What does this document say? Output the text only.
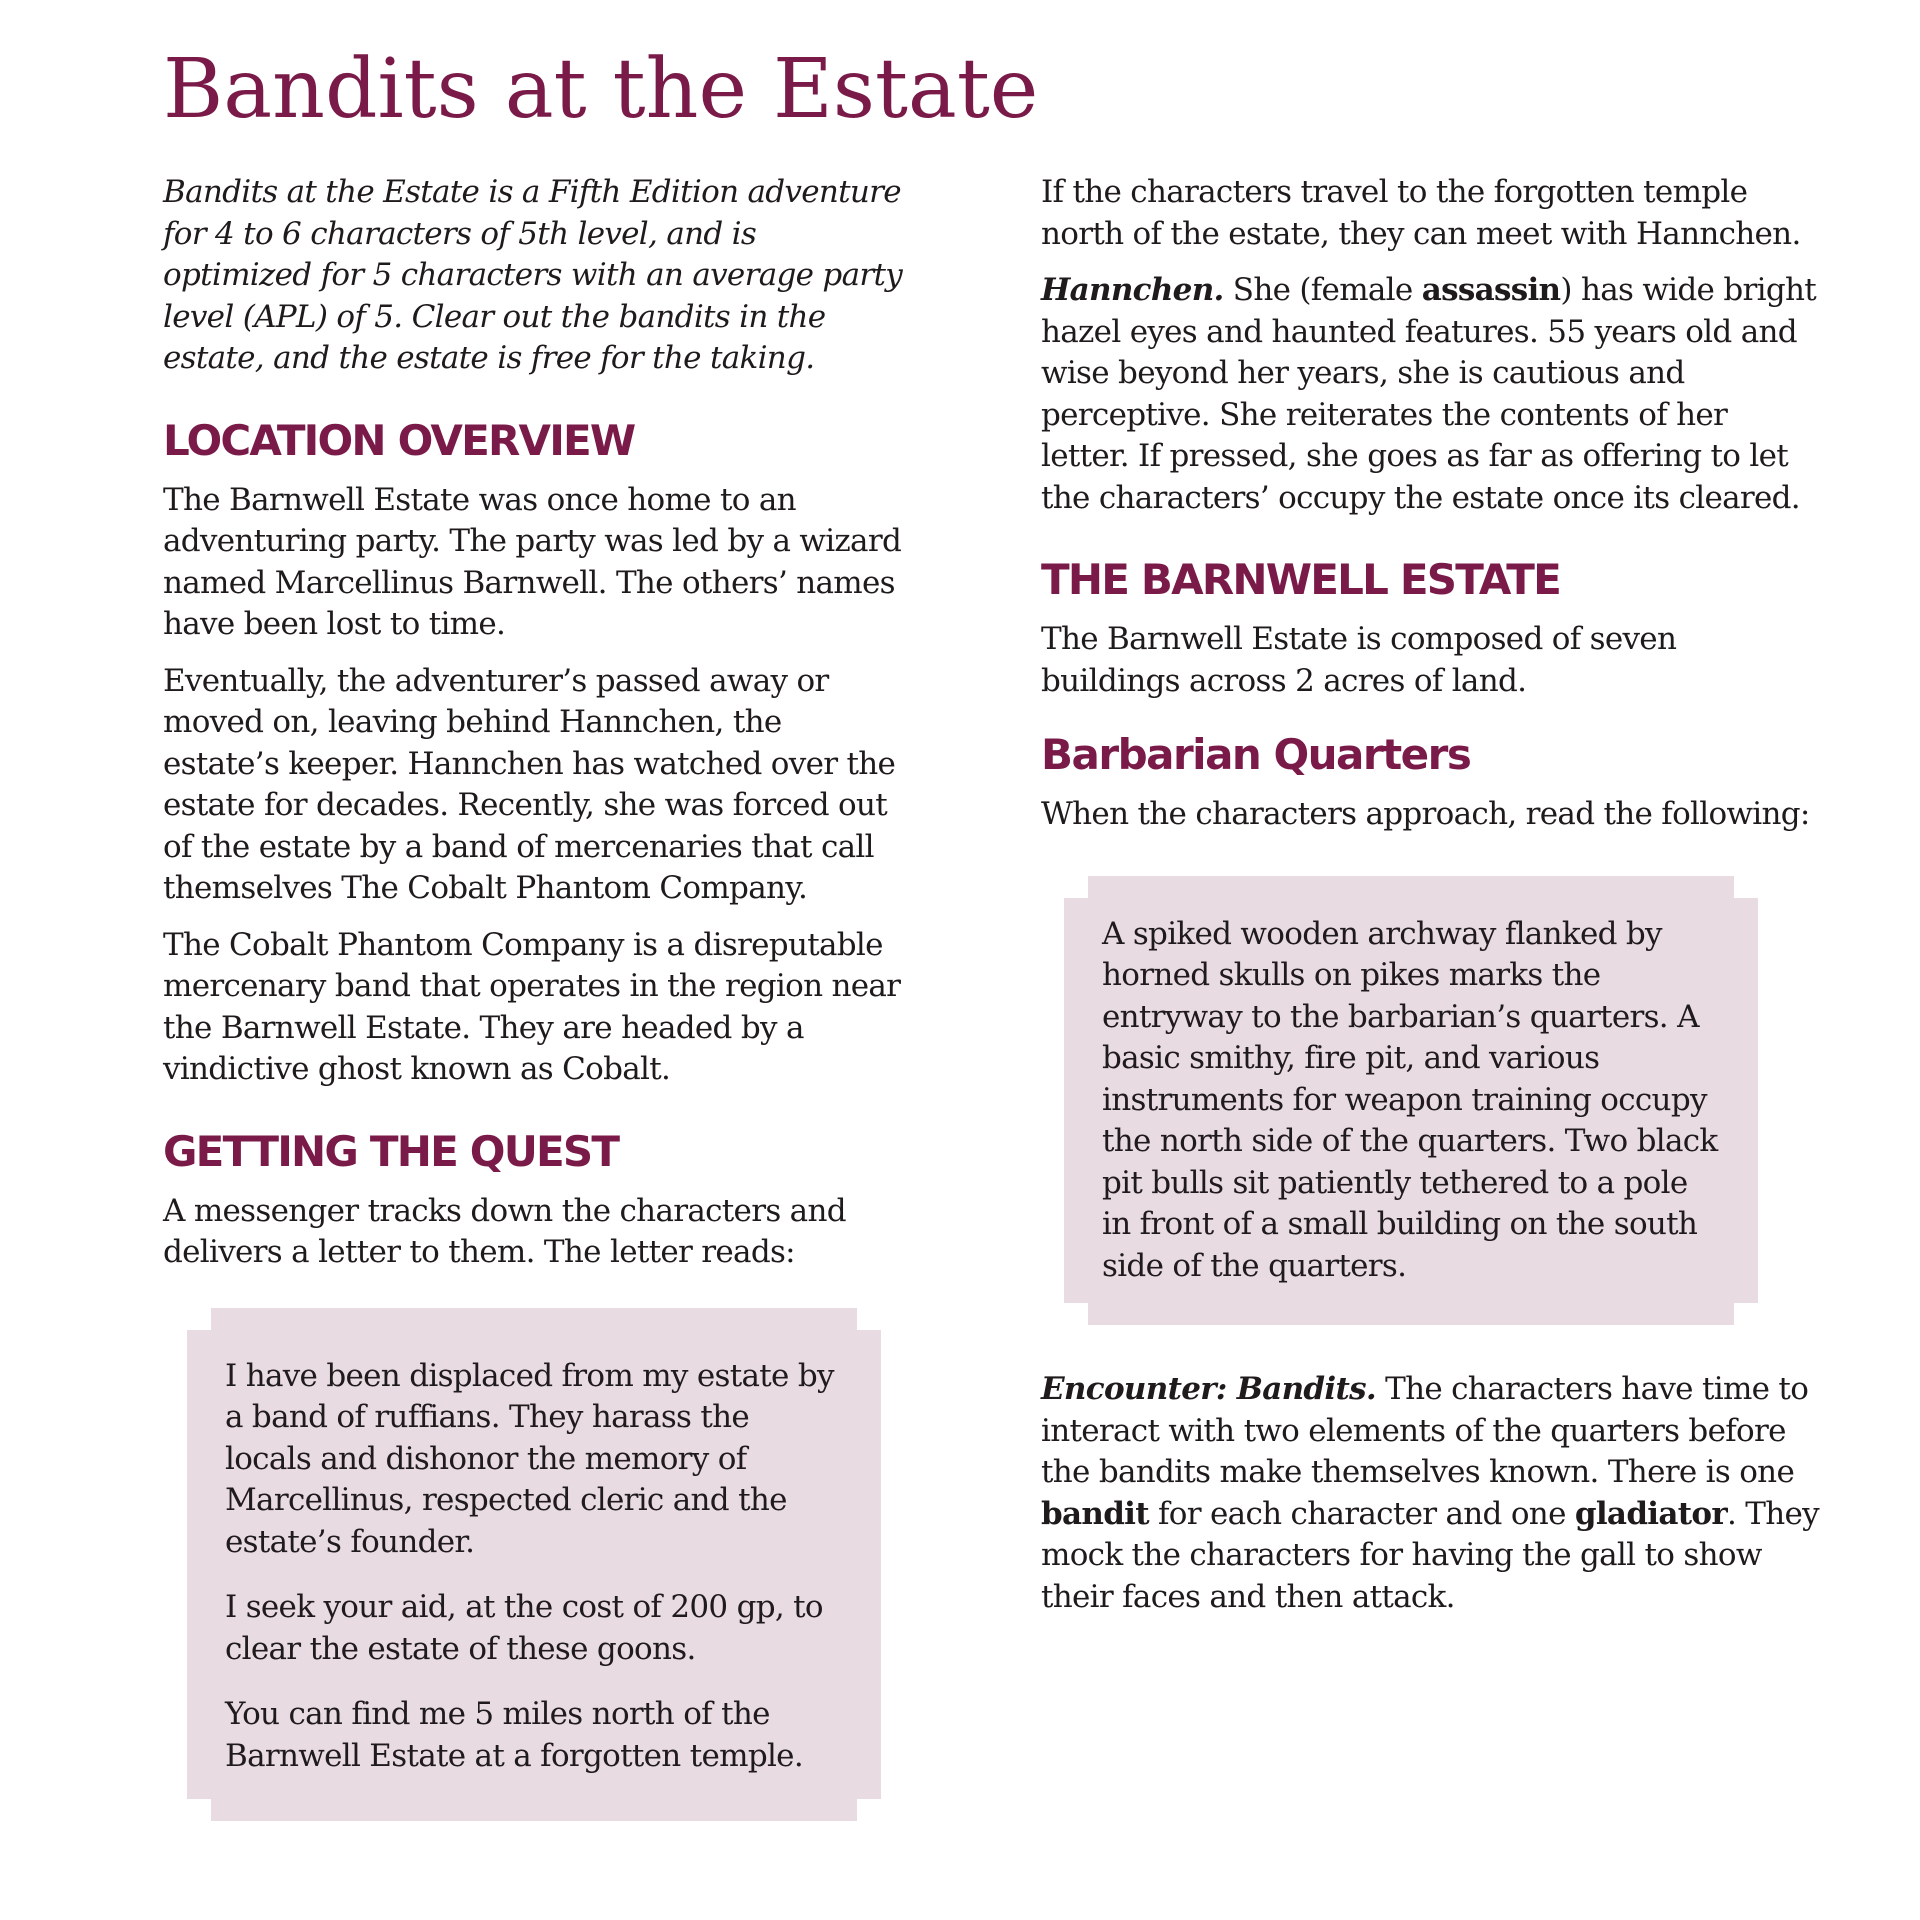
Bandits at the Estate

Bandits at the Estate is a Fifth Edition adventure for 4 to 6 characters of 5th level, and is optimized for 5 characters with an average party level (APL) of 5. Clear out the bandits in the estate, and the estate is free for the taking.

LOCATION OVERVIEW

The Barnwell Estate was once home to an adventuring party. The party was led by a wizard named Marcellinus Barnwell. The others’ names have been lost to time.

Eventually, the adventurer’s passed away or moved on, leaving behind Hannchen, the estate’s keeper. Hannchen has watched over the estate for decades. Recently, she was forced out of the estate by a band of mercenaries that call themselves The Cobalt Phantom Company.

The Cobalt Phantom Company is a disreputable mercenary band that operates in the region near the Barnwell Estate. They are headed by a vindictive ghost known as Cobalt.

GETTING THE QUEST

A messenger tracks down the characters and delivers a letter to them. The letter reads:

I have been displaced from my estate by a band of ruffians. They harass the locals and dishonor the memory of Marcellinus, respected cleric and the estate’s founder.

I seek your aid, at the cost of 200 gp, to clear the estate of these goons.

You can find me 5 miles north of the Barnwell Estate at a forgotten temple.

If the characters travel to the forgotten temple north of the estate, they can meet with Hannchen.

Hannchen. She (female assassin) has wide bright hazel eyes and haunted features. 55 years old and wise beyond her years, she is cautious and perceptive. She reiterates the contents of her letter. If pressed, she goes as far as offering to let the characters’ occupy the estate once its cleared.

THE BARNWELL ESTATE

The Barnwell Estate is composed of seven buildings across 2 acres of land.

Barbarian Quarters

When the characters approach, read the following:

A spiked wooden archway flanked by horned skulls on pikes marks the entryway to the barbarian’s quarters. A basic smithy, fire pit, and various instruments for weapon training occupy the north side of the quarters. Two black pit bulls sit patiently tethered to a pole in front of a small building on the south side of the quarters.

Encounter: Bandits. The characters have time to interact with two elements of the quarters before the bandits make themselves known. There is one bandit for each character and one gladiator. They mock the characters for having the gall to show their faces and then attack.
